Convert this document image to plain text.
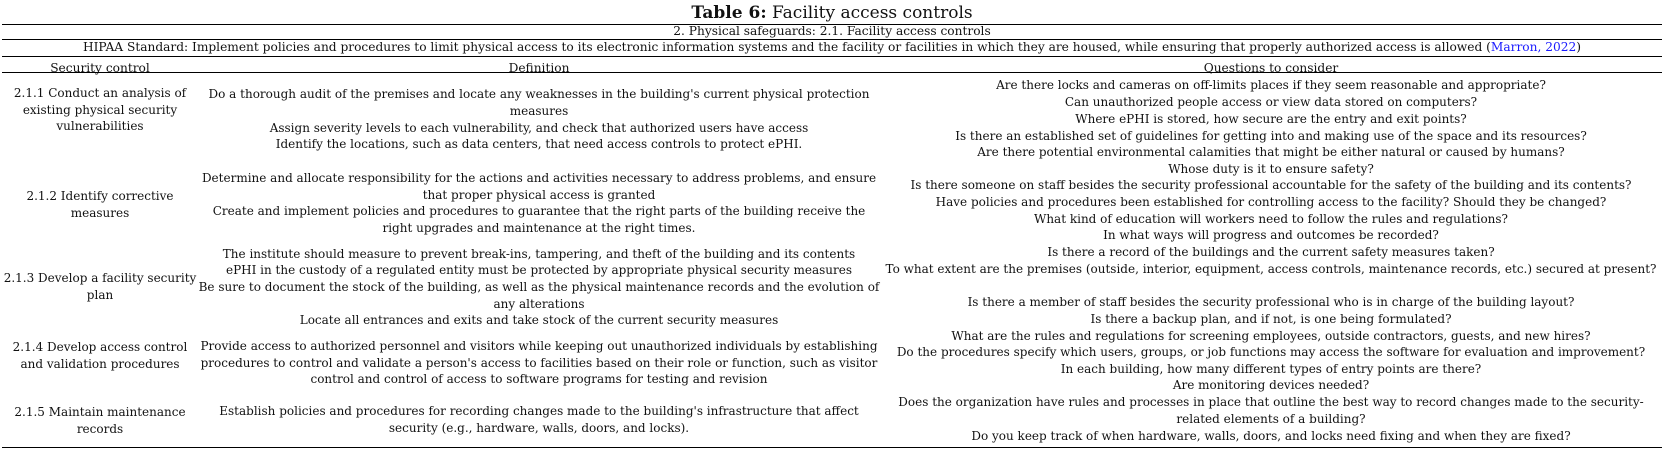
Table 6: Facility access controls
2. Physical safeguards: 2.1. Facility access controls
HIPAA Standard: Implement policies and procedures to limit physical access to its electronic information systems and the facility or facilities in which they are housed, while ensuring that properly authorized access is allowed (Marron, 2022)
Security control	Definition	Questions to consider
2.1.1 Conduct an analysis of existing physical security vulnerabilities
2.1.2 Identify corrective measures
2.1.3 Develop a facility security plan
2.1.4 Develop access control and validation procedures
2.1.5 Maintain maintenance records
Do a thorough audit of the premises and locate any weaknesses in the building's current physical protection measures
Assign severity levels to each vulnerability, and check that authorized users have access
Identify the locations, such as data centers, that need access controls to protect ePHI.
Determine and allocate responsibility for the actions and activities necessary to address problems, and ensure that proper physical access is granted
Create and implement policies and procedures to guarantee that the right parts of the building receive the right upgrades and maintenance at the right times.
The institute should measure to prevent break-ins, tampering, and theft of the building and its contents
ePHI in the custody of a regulated entity must be protected by appropriate physical security measures
Be sure to document the stock of the building, as well as the physical maintenance records and the evolution of any alterations
Locate all entrances and exits and take stock of the current security measures
Provide access to authorized personnel and visitors while keeping out unauthorized individuals by establishing procedures to control and validate a person's access to facilities based on their role or function, such as visitor control and control of access to software programs for testing and revision
Establish policies and procedures for recording changes made to the building's infrastructure that affect security (e.g., hardware, walls, doors, and locks).
Are there locks and cameras on off-limits places if they seem reasonable and appropriate?
Can unauthorized people access or view data stored on computers?
Where ePHI is stored, how secure are the entry and exit points?
Is there an established set of guidelines for getting into and making use of the space and its resources?
Are there potential environmental calamities that might be either natural or caused by humans?
Whose duty is it to ensure safety?
Is there someone on staff besides the security professional accountable for the safety of the building and its contents?
Have policies and procedures been established for controlling access to the facility? Should they be changed?
What kind of education will workers need to follow the rules and regulations?
In what ways will progress and outcomes be recorded?
Is there a record of the buildings and the current safety measures taken?
To what extent are the premises (outside, interior, equipment, access controls, maintenance records, etc.) secured at present?
Is there a member of staff besides the security professional who is in charge of the building layout?
Is there a backup plan, and if not, is one being formulated?
What are the rules and regulations for screening employees, outside contractors, guests, and new hires?
Do the procedures specify which users, groups, or job functions may access the software for evaluation and improvement?
In each building, how many different types of entry points are there?
Are monitoring devices needed?
Does the organization have rules and processes in place that outline the best way to record changes made to the security-related elements of a building?
Do you keep track of when hardware, walls, doors, and locks need fixing and when they are fixed?
